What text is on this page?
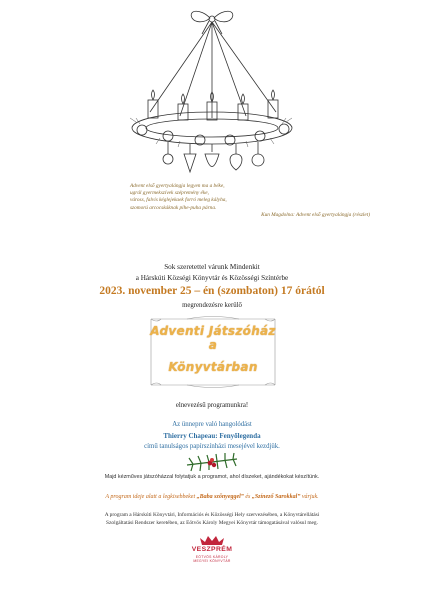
Advent első gyertyalángja legyen ma a béke,
ugrál gyermekszívek szépremény éke,
váross, falvis kéglejekaek forró meleg kályha,
szomorú arcocskáknak pihe-puha párna.
Kun Magdolna: Advent első gyertyalángja (részlet)
Sok szeretettel várunk Mindenkit
a Hárskúti Községi Könyvtár és Közösségi Színtérbe
2023. november 25 – én (szombaton) 17 órától
megrendezésre kerülő
Adventi Játszóház a
Könyvtárban
elnevezésű programunkra!
Az ünnepre való hangolódást
Thierry Chapeau: Fenyőlegenda
című tanulságos papírszínházi mesejével kezdjük.
Majd kézműves játszóházzal folytatjuk a programot, ahol díszeket, ajándékokat készítünk.
A program ideje alatt a legkisebbeket „Baba szőnyeggel” és „Színező Sarokkal” várjuk.
A program a Hárskúti Könyvtári, Információs és Közösségi Hely szervezésében, a Könyvtárellátási
Szolgáltatási Rendszer keretében, az Eötvös Károly Megyei Könyvtár támogatásával valósul meg.
VESZPRÉM
EÖTVÖS KÁROLY
MEGYEI KÖNYVTÁR
